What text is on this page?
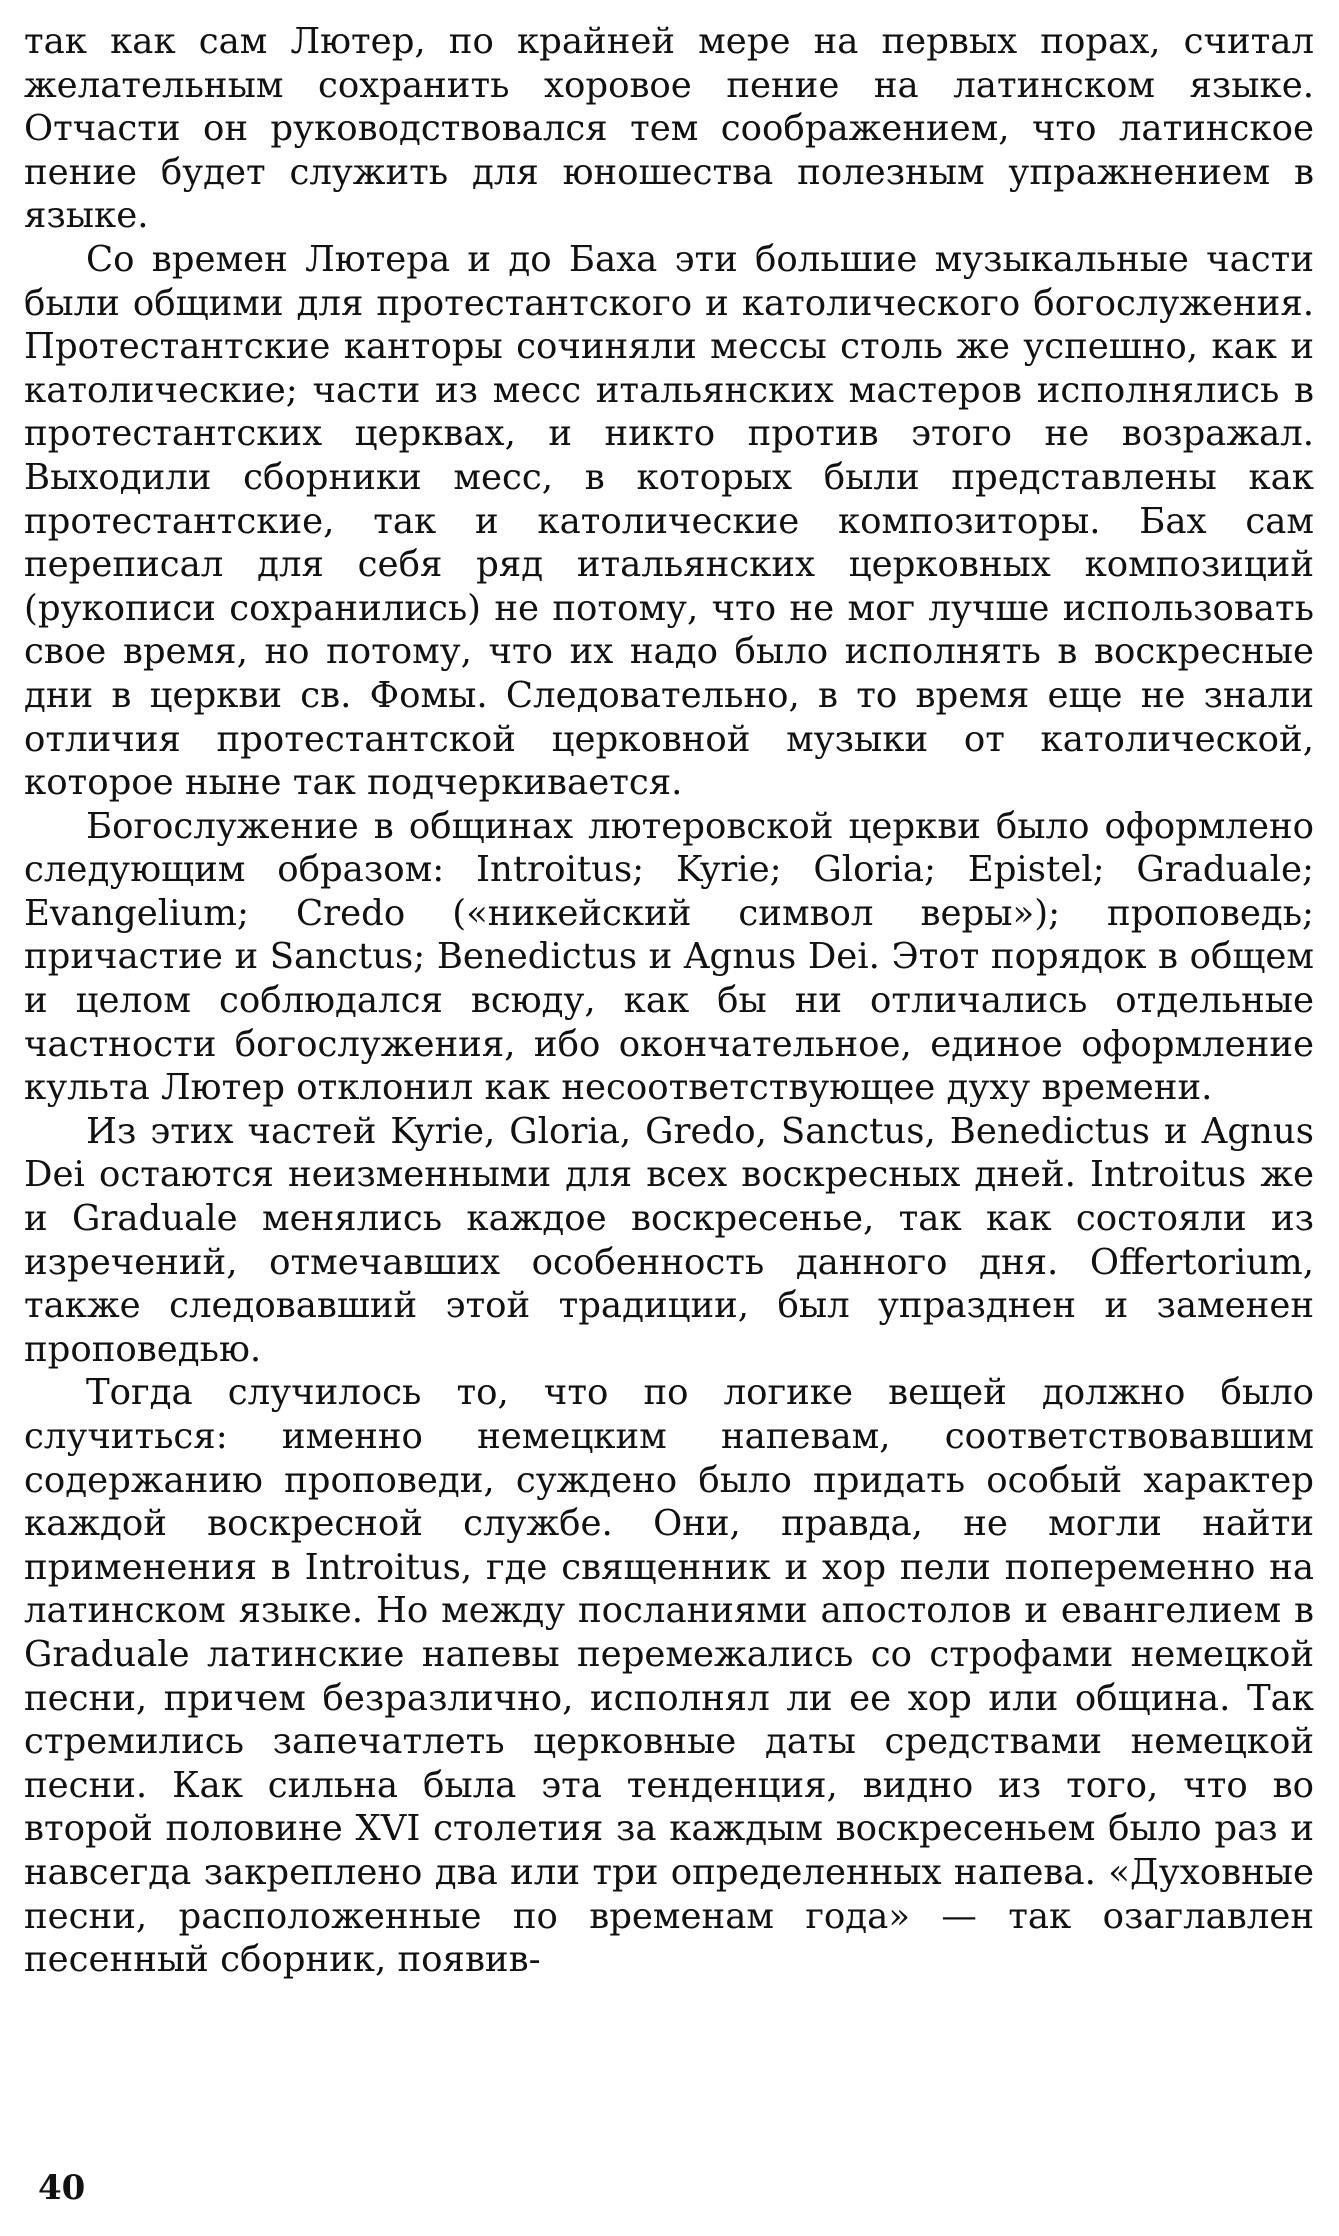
так как сам Лютер, по крайней мере на первых порах, считал желательным сохранить хоровое пение на латинском языке. Отчасти он руководствовался тем соображением, что латинское пение будет служить для юношества полезным упражнением в языке.

Со времен Лютера и до Баха эти большие музыкальные части были общими для протестантского и католического богослужения. Протестантские канторы сочиняли мессы столь же успешно, как и католические; части из месс итальянских мастеров исполнялись в протестантских церквах, и никто против этого не возражал. Выходили сборники месс, в которых были представлены как протестантские, так и католические композиторы. Бах сам переписал для себя ряд итальянских церковных композиций (рукописи сохранились) не потому, что не мог лучше использовать свое время, но потому, что их надо было исполнять в воскресные дни в церкви св. Фомы. Следовательно, в то время еще не знали отличия протестантской церковной музыки от католической, которое ныне так подчеркивается.

Богослужение в общинах лютеровской церкви было оформлено следующим образом: Introitus; Kyrie; Gloria; Epistel; Graduale; Evangelium; Credo («никейский символ веры»); проповедь; причастие и Sanctus; Benedictus и Agnus Dei. Этот порядок в общем и целом соблюдался всюду, как бы ни отличались отдельные частности богослужения, ибо окончательное, единое оформление культа Лютер отклонил как несоответствующее духу времени.

Из этих частей Kyrie, Gloria, Gredo, Sanctus, Benedictus и Agnus Dei остаются неизменными для всех воскресных дней. Introitus же и Graduale менялись каждое воскресенье, так как состояли из изречений, отмечавших особенность данного дня. Offertorium, также следовавший этой традиции, был упразднен и заменен проповедью.

Тогда случилось то, что по логике вещей должно было случиться: именно немецким напевам, соответствовавшим содержанию проповеди, суждено было придать особый характер каждой воскресной службе. Они, правда, не могли найти применения в Introitus, где священник и хор пели попеременно на латинском языке. Но между посланиями апостолов и евангелием в Graduale латинские напевы перемежались со строфами немецкой песни, причем безразлично, исполнял ли ее хор или община. Так стремились запечатлеть церковные даты средствами немецкой песни. Как сильна была эта тенденция, видно из того, что во второй половине XVI столетия за каждым воскресеньем было раз и навсегда закреплено два или три определенных напева. «Духовные песни, расположенные по временам года» — так озаглавлен песенный сборник, появив-

40
